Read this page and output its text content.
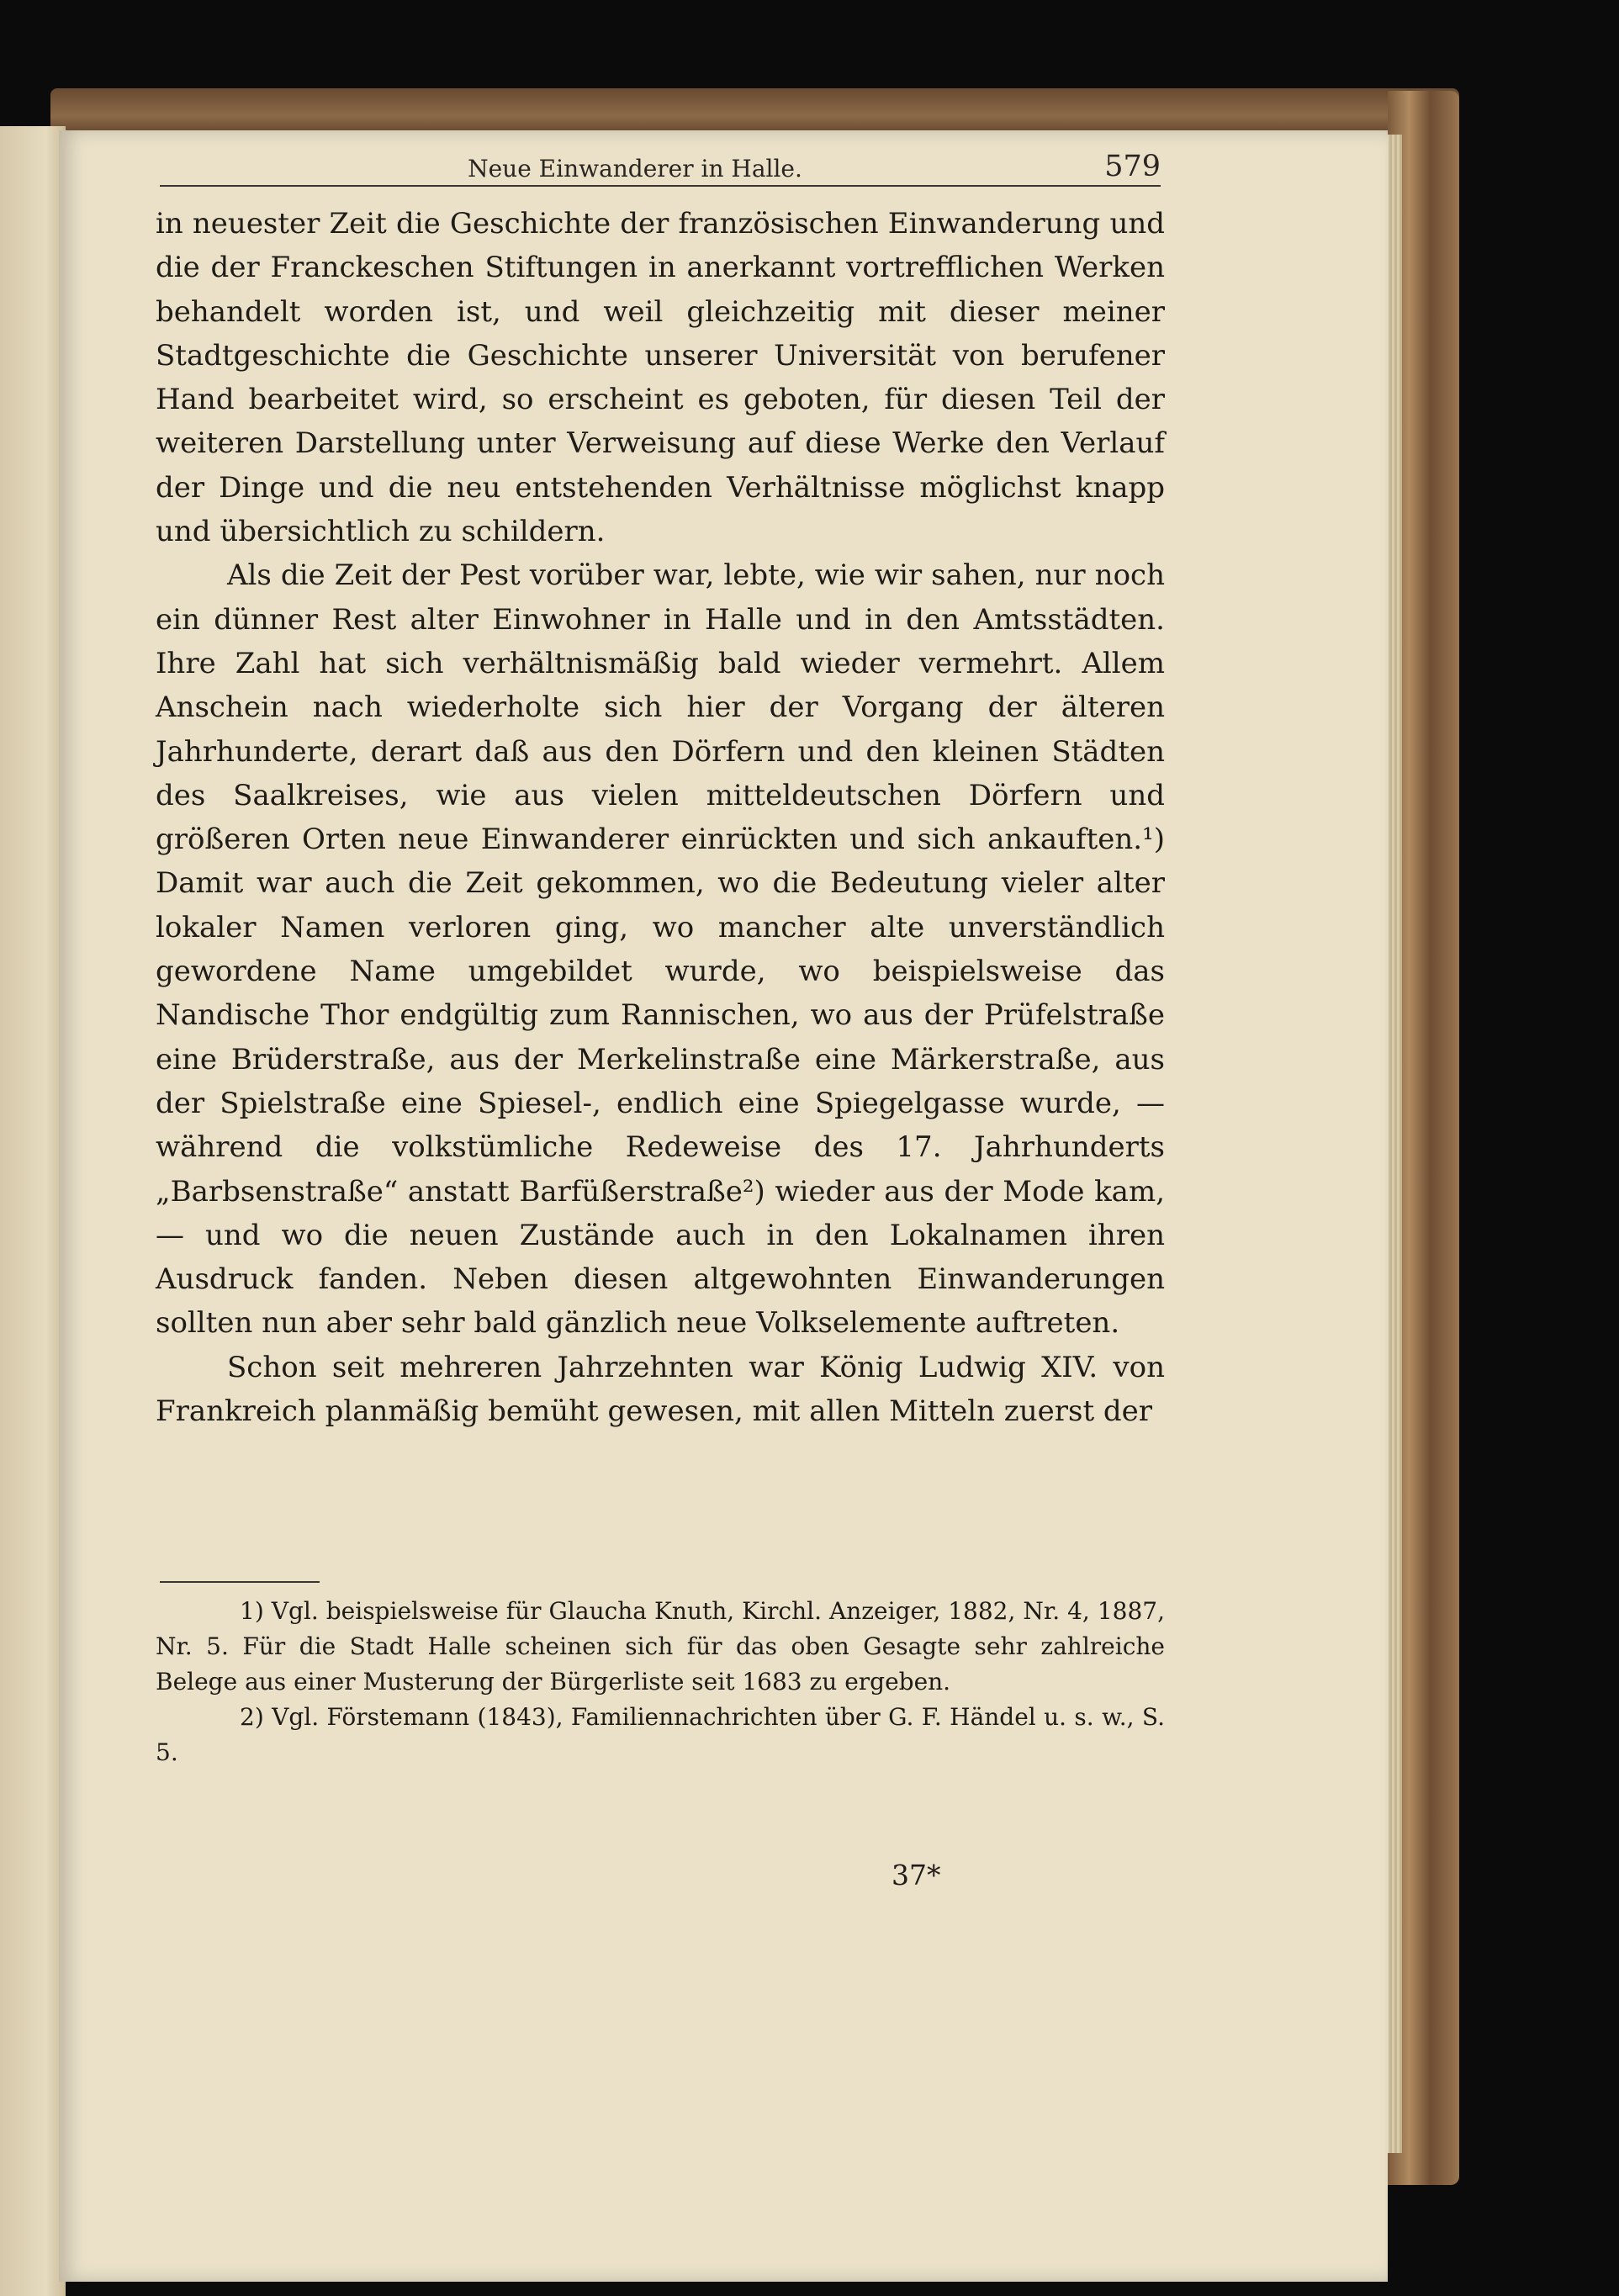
Neue Einwanderer in Halle.	579

in neuester Zeit die Geschichte der französischen Einwanderung und die der Franckeschen Stiftungen in anerkannt vortrefflichen Werken behandelt worden ist, und weil gleichzeitig mit dieser meiner Stadtgeschichte die Geschichte unserer Universität von berufener Hand bearbeitet wird, so erscheint es geboten, für diesen Teil der weiteren Darstellung unter Verweisung auf diese Werke den Verlauf der Dinge und die neu entstehenden Verhältnisse möglichst knapp und übersichtlich zu schildern.

Als die Zeit der Pest vorüber war, lebte, wie wir sahen, nur noch ein dünner Rest alter Einwohner in Halle und in den Amtsstädten. Ihre Zahl hat sich verhältnismäßig bald wieder vermehrt. Allem Anschein nach wiederholte sich hier der Vorgang der älteren Jahrhunderte, derart daß aus den Dörfern und den kleinen Städten des Saalkreises, wie aus vielen mitteldeutschen Dörfern und größeren Orten neue Einwanderer einrückten und sich ankauften.¹) Damit war auch die Zeit gekommen, wo die Bedeutung vieler alter lokaler Namen verloren ging, wo mancher alte unverständlich gewordene Name umgebildet wurde, wo beispielsweise das Nandische Thor endgültig zum Rannischen, wo aus der Prüfelstraße eine Brüderstraße, aus der Merkelinstraße eine Märkerstraße, aus der Spielstraße eine Spiesel-, endlich eine Spiegelgasse wurde, — während die volkstümliche Redeweise des 17. Jahrhunderts „Barbsenstraße“ anstatt Barfüßerstraße²) wieder aus der Mode kam, — und wo die neuen Zustände auch in den Lokalnamen ihren Ausdruck fanden. Neben diesen altgewohnten Einwanderungen sollten nun aber sehr bald gänzlich neue Volkselemente auftreten.

Schon seit mehreren Jahrzehnten war König Ludwig XIV. von Frankreich planmäßig bemüht gewesen, mit allen Mitteln zuerst der

1) Vgl. beispielsweise für Glaucha Knuth, Kirchl. Anzeiger, 1882, Nr. 4, 1887, Nr. 5. Für die Stadt Halle scheinen sich für das oben Gesagte sehr zahlreiche Belege aus einer Musterung der Bürgerliste seit 1683 zu ergeben.

2) Vgl. Förstemann (1843), Familiennachrichten über G. F. Händel u. s. w., S. 5.

37*
